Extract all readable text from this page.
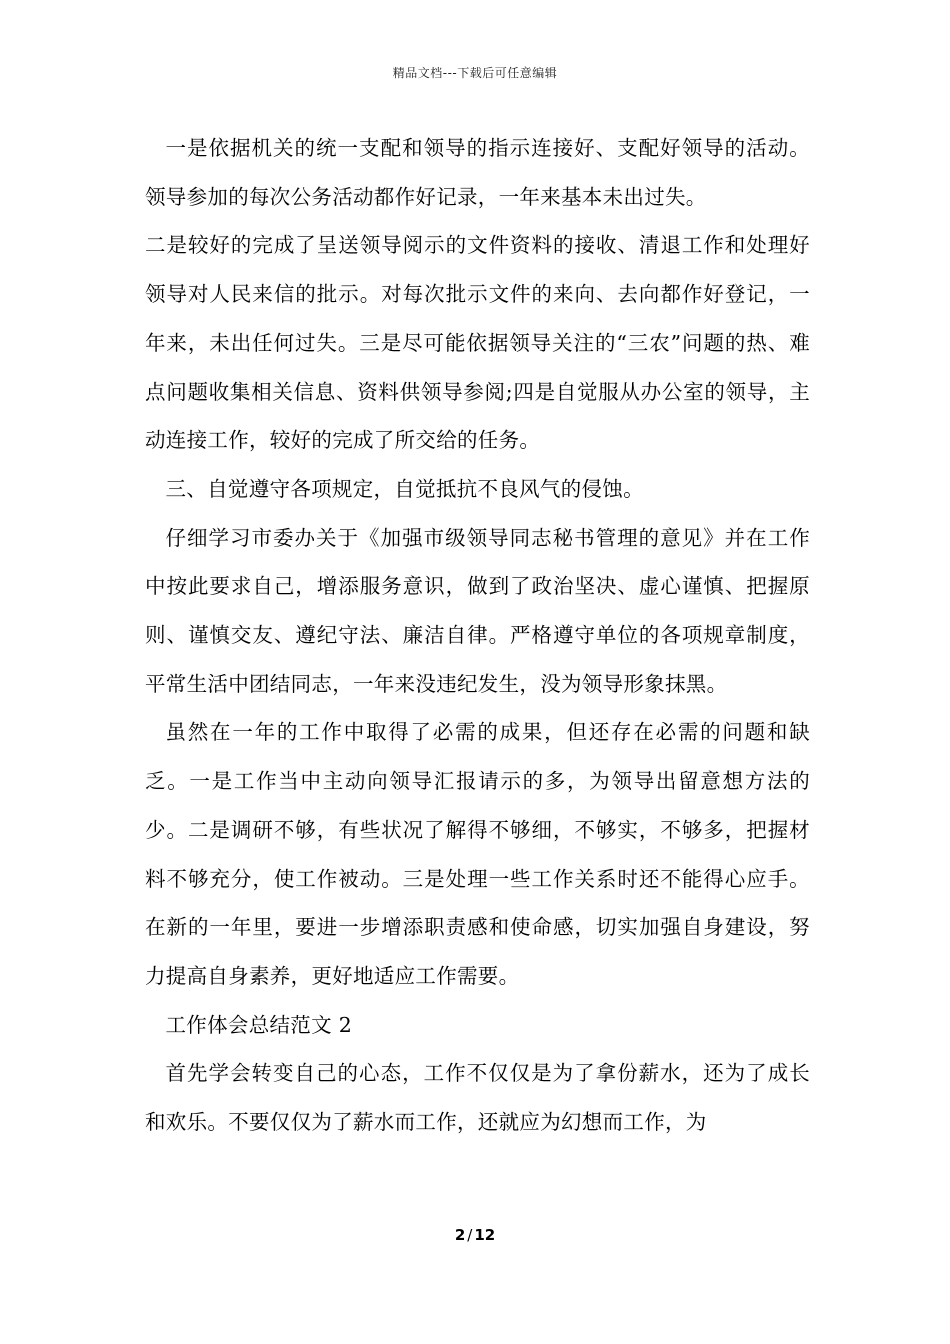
精品文档---下载后可任意编辑

一是依据机关的统一支配和领导的指示连接好、支配好领导的活动。领导参加的每次公务活动都作好记录，一年来基本未出过失。

二是较好的完成了呈送领导阅示的文件资料的接收、清退工作和处理好领导对人民来信的批示。对每次批示文件的来向、去向都作好登记，一年来，未出任何过失。三是尽可能依据领导关注的“三农”问题的热、难点问题收集相关信息、资料供领导参阅;四是自觉服从办公室的领导，主动连接工作，较好的完成了所交给的任务。

三、自觉遵守各项规定，自觉抵抗不良风气的侵蚀。

仔细学习市委办关于《加强市级领导同志秘书管理的意见》并在工作中按此要求自己，增添服务意识，做到了政治坚决、虚心谨慎、把握原则、谨慎交友、遵纪守法、廉洁自律。严格遵守单位的各项规章制度，平常生活中团结同志，一年来没违纪发生，没为领导形象抹黑。

虽然在一年的工作中取得了必需的成果，但还存在必需的问题和缺乏。一是工作当中主动向领导汇报请示的多，为领导出留意想方法的少。二是调研不够，有些状况了解得不够细，不够实，不够多，把握材料不够充分，使工作被动。三是处理一些工作关系时还不能得心应手。在新的一年里，要进一步增添职责感和使命感，切实加强自身建设，努力提高自身素养，更好地适应工作需要。

工作体会总结范文 2

首先学会转变自己的心态，工作不仅仅是为了拿份薪水，还为了成长和欢乐。不要仅仅为了薪水而工作，还就应为幻想而工作，为

2 / 12
